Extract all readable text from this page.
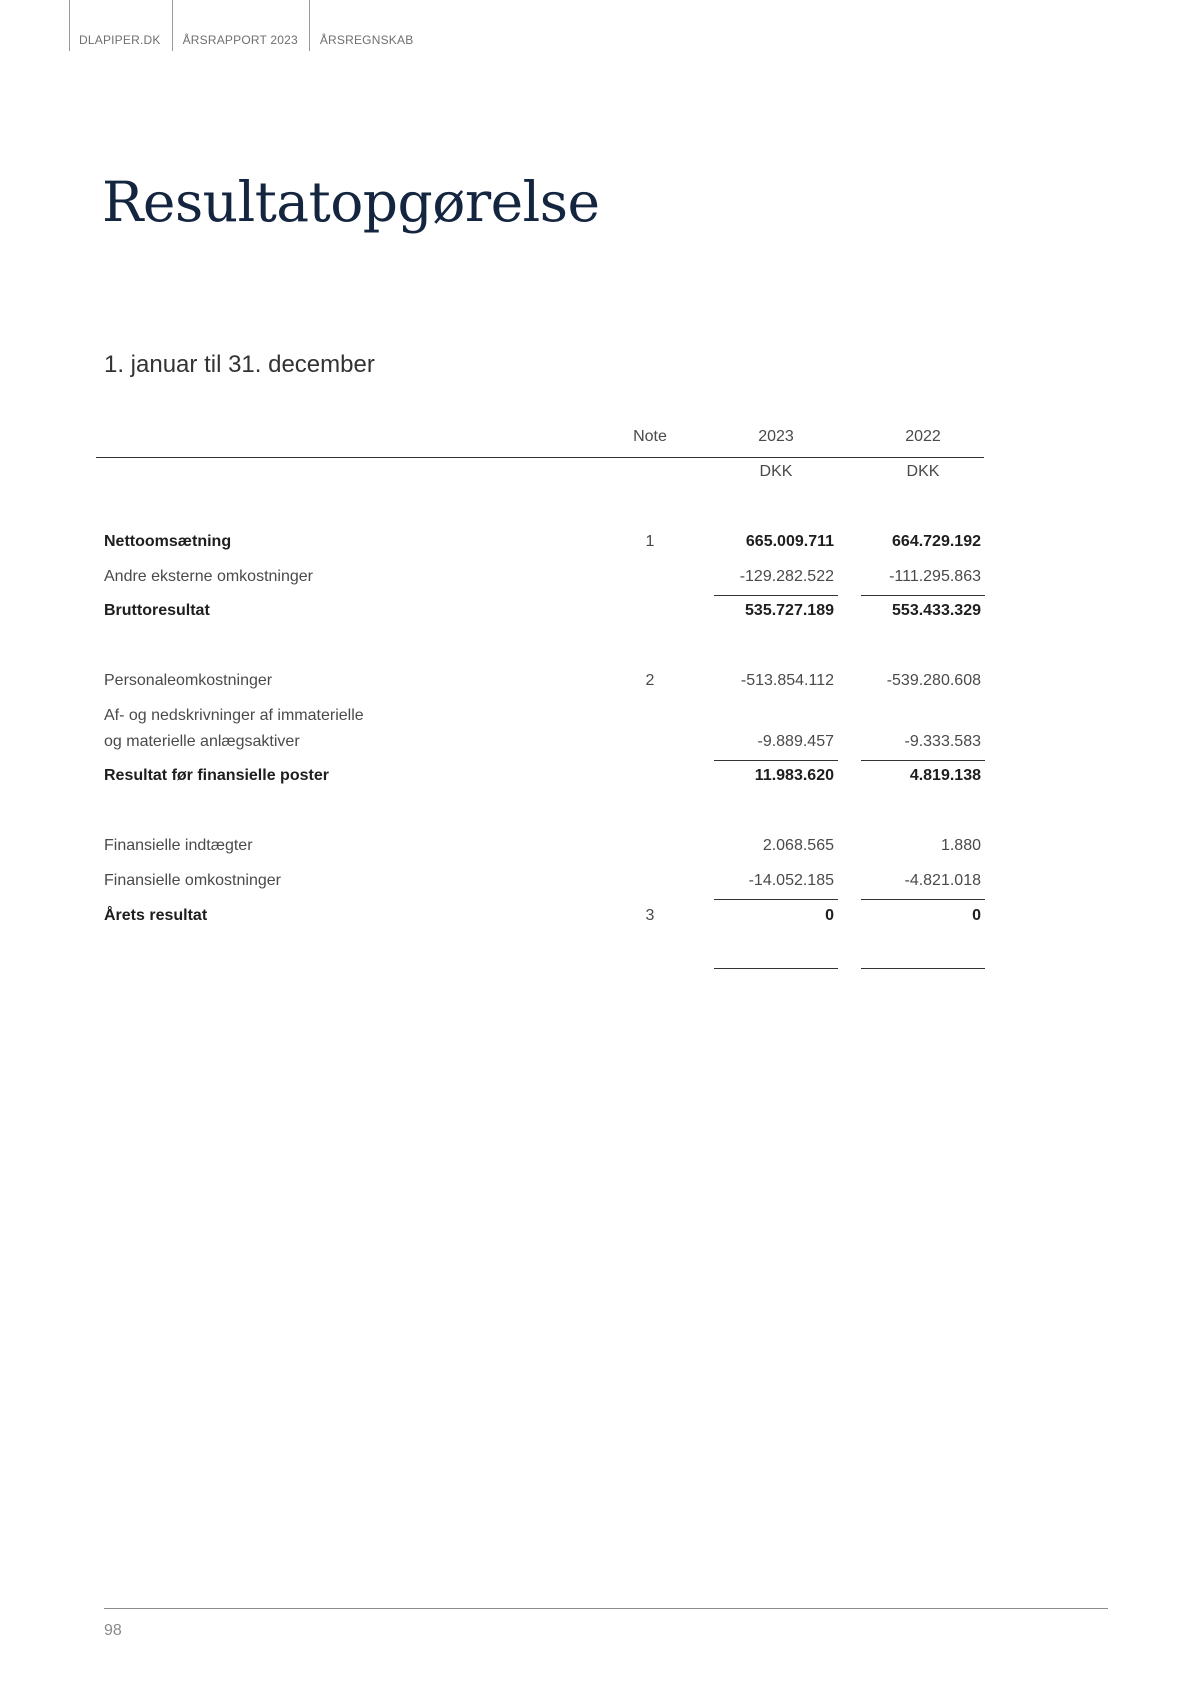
DLAPIPER.DK	ÅRSRAPPORT 2023	ÅRSREGNSKAB
Resultatopgørelse
1. januar til 31. december
Note	2023	2022
DKK	DKK
Nettoomsætning	1	665.009.711	664.729.192
Andre eksterne omkostninger	-129.282.522	-111.295.863
Bruttoresultat	535.727.189	553.433.329
Personaleomkostninger	2	-513.854.112	-539.280.608
Af- og nedskrivninger af immaterielle
og materielle anlægsaktiver	-9.889.457	-9.333.583
Resultat før finansielle poster	11.983.620	4.819.138
Finansielle indtægter	2.068.565	1.880
Finansielle omkostninger	-14.052.185	-4.821.018
Årets resultat	3	0	0
98
